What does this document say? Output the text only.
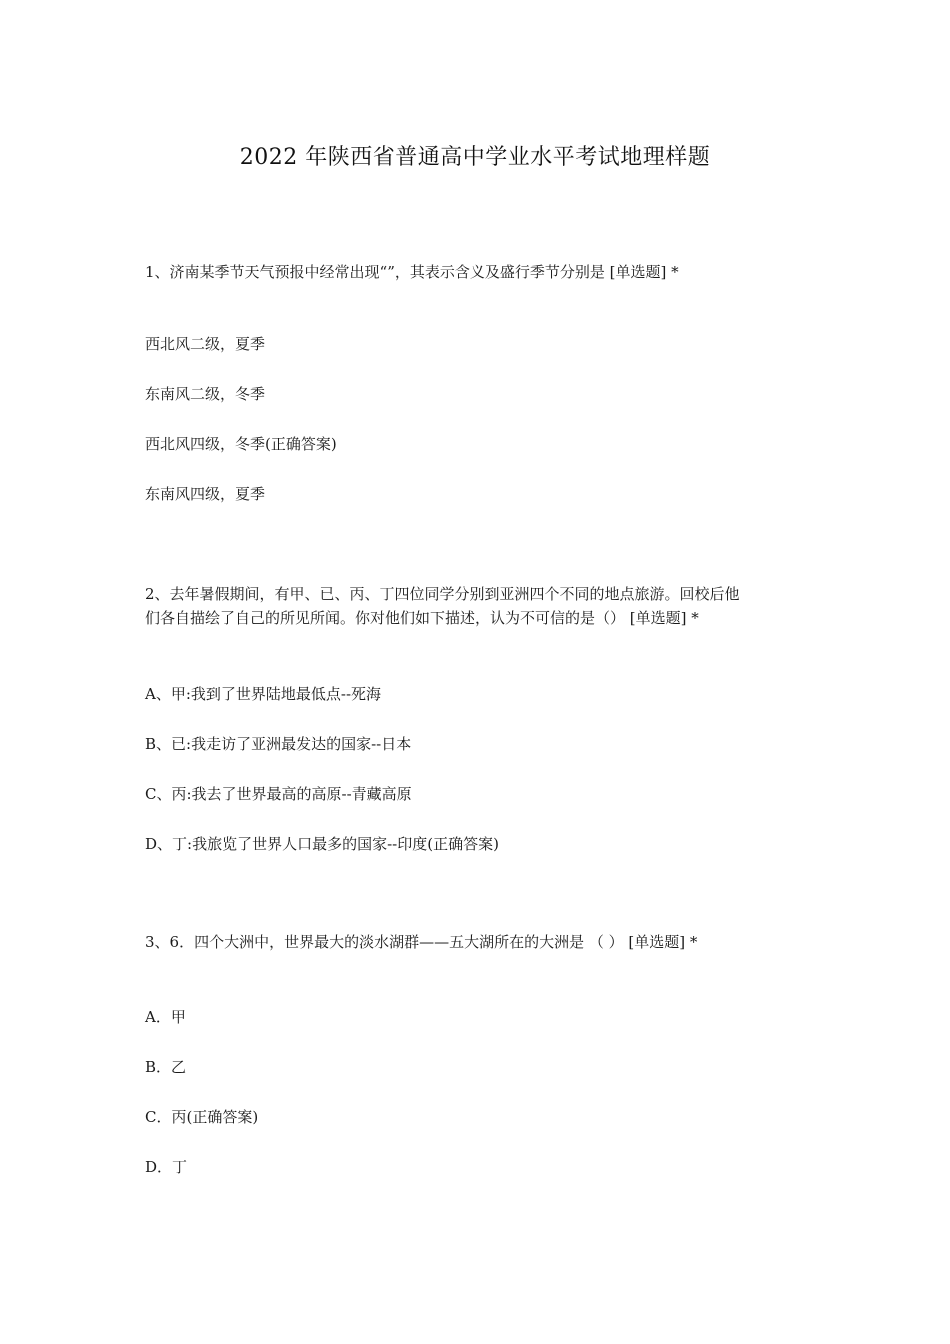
2022 年陕西省普通高中学业水平考试地理样题
1、济南某季节天气预报中经常出现“”，其表示含义及盛行季节分别是 [单选题] *
西北风二级，夏季
东南风二级，冬季
西北风四级，冬季(正确答案)
东南风四级，夏季
2、去年暑假期间，有甲、已、丙、丁四位同学分别到亚洲四个不同的地点旅游。回校后他
们各自描绘了自己的所见所闻。你对他们如下描述，认为不可信的是（） [单选题] *
A、甲:我到了世界陆地最低点--死海
B、已:我走访了亚洲最发达的国家--日本
C、丙:我去了世界最高的高原--青藏高原
D、丁:我旅览了世界人口最多的国家--印度(正确答案)
3、6．四个大洲中，世界最大的淡水湖群——五大湖所在的大洲是 （ ） [单选题] *
A．甲
B．乙
C．丙(正确答案)
D．丁
